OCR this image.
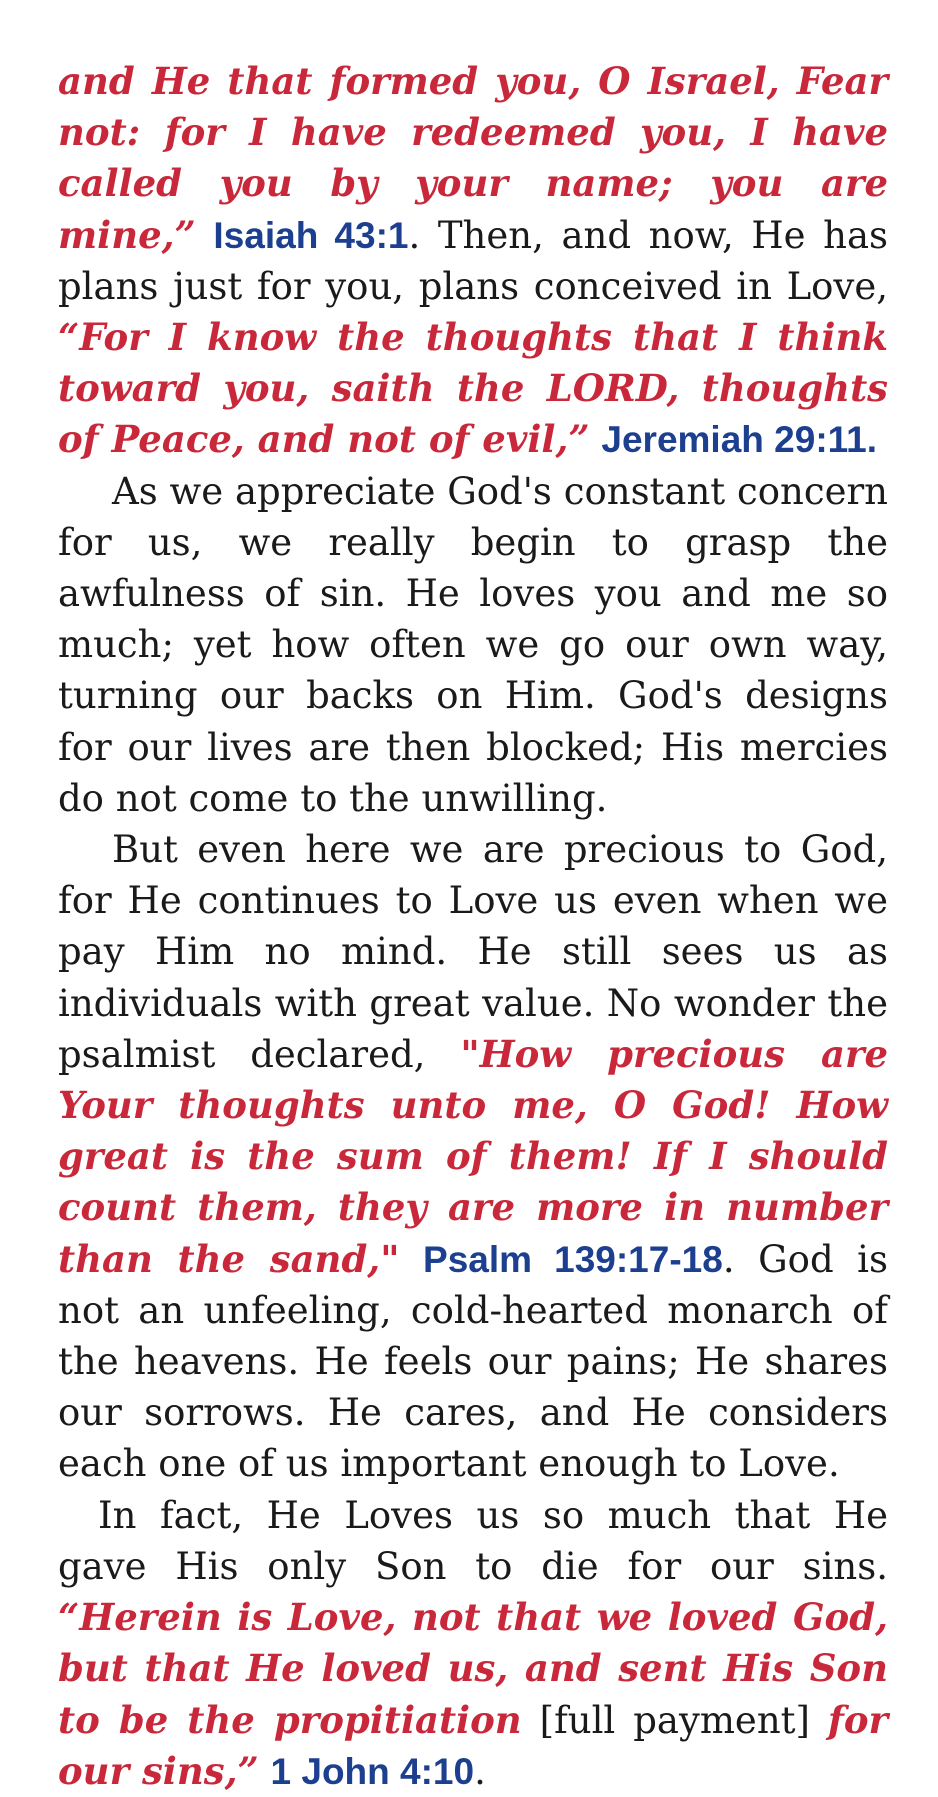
and He that formed you, O Israel, Fear not: for I have redeemed you, I have called you by your name; you are mine,” Isaiah 43:1. Then, and now, He has plans just for you, plans conceived in Love, “For I know the thoughts that I think toward you, saith the LORD, thoughts of Peace, and not of evil,” Jeremiah 29:11.

As we appreciate God's constant concern for us, we really begin to grasp the awfulness of sin. He loves you and me so much; yet how often we go our own way, turning our backs on Him. God's designs for our lives are then blocked; His mercies do not come to the unwilling.

But even here we are precious to God, for He continues to Love us even when we pay Him no mind. He still sees us as individuals with great value. No wonder the psalmist declared, "How precious are Your thoughts unto me, O God! How great is the sum of them! If I should count them, they are more in number than the sand," Psalm 139:17-18. God is not an unfeeling, cold-hearted monarch of the heavens. He feels our pains; He shares our sorrows. He cares, and He considers each one of us important enough to Love.

In fact, He Loves us so much that He gave His only Son to die for our sins. “Herein is Love, not that we loved God, but that He loved us, and sent His Son to be the propitiation [full payment] for our sins,” 1 John 4:10.
